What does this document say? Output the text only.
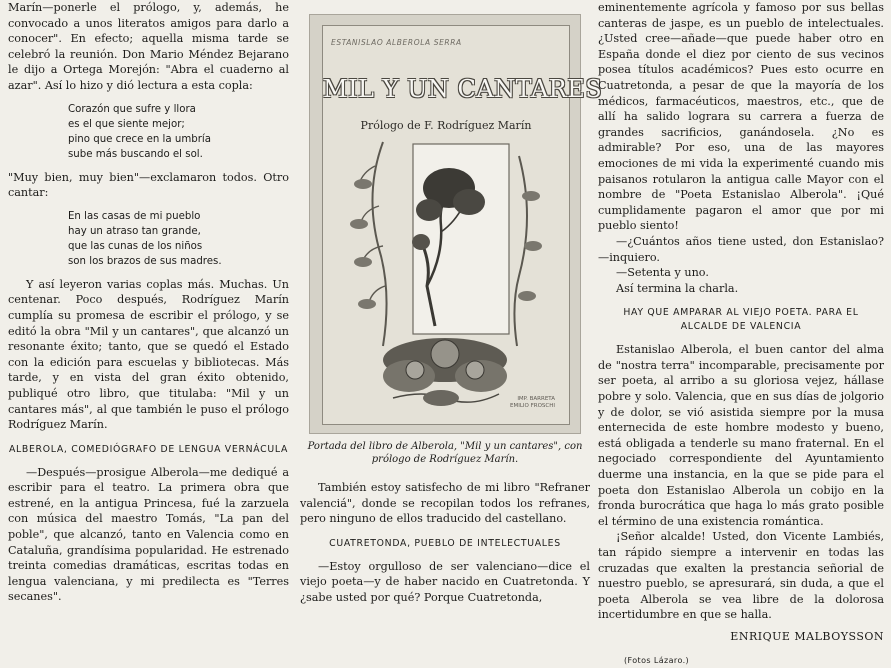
Marín—ponerle el prólogo, y, además, he convocado a unos literatos amigos para darlo a conocer". En efecto; aquella misma tarde se celebró la reunión. Don Mario Méndez Bejarano le dijo a Ortega Morejón: "Abra el cuaderno al azar". Así lo hizo y dió lectura a esta copla:

Corazón que sufre y llora
es el que siente mejor;
pino que crece en la umbría
sube más buscando el sol.

"Muy bien, muy bien"—exclamaron todos. Otro cantar:

En las casas de mi pueblo
hay un atraso tan grande,
que las cunas de los niños
son los brazos de sus madres.

Y así leyeron varias coplas más. Muchas. Un centenar. Poco después, Rodríguez Marín cumplía su promesa de escribir el prólogo, y se editó la obra "Mil y un cantares", que alcanzó un resonante éxito; tanto, que se quedó el Estado con la edición para escuelas y bibliotecas. Más tarde, y en vista del gran éxito obtenido, publiqué otro libro, que titulaba: "Mil y un cantares más", al que también le puso el prólogo Rodríguez Marín.

ALBEROLA, COMEDIÓGRAFO DE LENGUA VERNÁCULA

—Después—prosigue Alberola—me dediqué a escribir para el teatro. La primera obra que estrené, en la antigua Princesa, fué la zarzuela con música del maestro Tomás, "La pan del poble", que alcanzó, tanto en Valencia como en Cataluña, grandísima popularidad. He estrenado treinta comedias dramáticas, escritas todas en lengua valenciana, y mi predilecta es "Terres secanes".

ESTANISLAO ALBEROLA SERRA
MIL Y UN CANTARES
Prólogo de F. Rodríguez Marín
IMP. BARRETA
EMILIO FROSCHI
Portada del libro de Alberola, "Mil y un cantares", con prólogo de Rodríguez Marín.

También estoy satisfecho de mi libro "Refraner valenciá", donde se recopilan todos los refranes, pero ninguno de ellos traducido del castellano.

CUATRETONDA, PUEBLO DE INTELECTUALES

—Estoy orgulloso de ser valenciano—dice el viejo poeta—y de haber nacido en Cuatretonda. Y ¿sabe usted por qué? Porque Cuatretonda,

eminentemente agrícola y famoso por sus bellas canteras de jaspe, es un pueblo de intelectuales. ¿Usted cree—añade—que puede haber otro en España donde el diez por ciento de sus vecinos posea títulos académicos? Pues esto ocurre en Cuatretonda, a pesar de que la mayoría de los médicos, farmacéuticos, maestros, etc., que de allí ha salido lograra su carrera a fuerza de grandes sacrificios, ganándosela. ¿No es admirable? Por eso, una de las mayores emociones de mi vida la experimenté cuando mis paisanos rotularon la antigua calle Mayor con el nombre de "Poeta Estanislao Alberola". ¡Qué cumplidamente pagaron el amor que por mi pueblo siento!

—¿Cuántos años tiene usted, don Estanislao?—inquiero.

—Setenta y uno.

Así termina la charla.

HAY QUE AMPARAR AL VIEJO POETA. PARA EL ALCALDE DE VALENCIA

Estanislao Alberola, el buen cantor del alma de "nostra terra" incomparable, precisamente por ser poeta, al arribo a su gloriosa vejez, hállase pobre y solo. Valencia, que en sus días de jolgorio y de dolor, se vió asistida siempre por la musa enternecida de este hombre modesto y bueno, está obligada a tenderle su mano fraternal. En el negociado correspondiente del Ayuntamiento duerme una instancia, en la que se pide para el poeta don Estanislao Alberola un cobijo en la fronda burocrática que haga lo más grato posible el término de una existencia romántica.

¡Señor alcalde! Usted, don Vicente Lambiés, tan rápido siempre a intervenir en todas las cruzadas que exalten la prestancia señorial de nuestro pueblo, se apresurará, sin duda, a que el poeta Alberola se vea libre de la dolorosa incertidumbre en que se halla.

ENRIQUE MALBOYSSON
(Fotos Lázaro.)
